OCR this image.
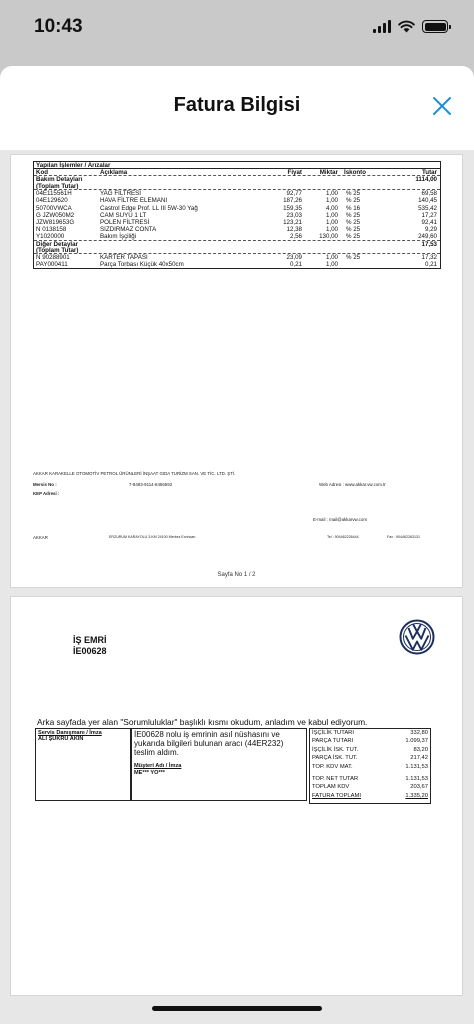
10:43
Fatura Bilgisi
Yapılan İşlemler / Arızalar
Kod	Açıklama	Fiyat	Miktar İskonto	Tutar
Bakım Detayları	1114,00
(Toplam Tutar)
04E115561H	YAĞ FİLTRESİ	92,77	1,00 % 25	69,58
04E129620	HAVA FİLTRE ELEMANI	187,26	1,00 % 25	140,45
50700VWCA	Castrol Edge Prof. LL III 5W-30 Yağ	159,35	4,00 % 16	535,42
G JZW050M2	CAM SUYU 1 LT	23,03	1,00 % 25	17,27
JZW819653G	POLEN FİLTRESİ	123,21	1,00 % 25	92,41
N 0138158	SIZDIRMAZ CONTA	12,38	1,00 % 25	9,29
Y1020000	Bakım İşçiliği	2,56	130,00 % 25	249,60
Diğer Detaylar	17,53
(Toplam Tutar)
N 90288901	KARTER TAPASI	23,09	1,00 % 25	17,32
PAY000411	Parça Torbası Küçük 40x50cm	0,21	1,00	0,21
AKKAR KARAKELLE OTOMOTİV PETROL ÜRÜNLERİ İNŞAAT GIDA TURİZM SAN. VE TİC. LTD. ŞTİ.
Mersis No :	7-8483-9114-8456592	Web Adresi : www.akkar.vw.com.tr
KEP Adresi :
E-mail : mail@akkarvw.com
AKKAR	ERZURUM KARAYOLU 3.KM 24100 Merkez Erzincan	Tel : 904462226444	Fax : 904462263131
Sayfa No 1 / 2
İŞ EMRİ
İE00628
Arka sayfada yer alan "Sorumluluklar" başlıklı kısmı okudum, anladım ve kabul ediyorum.
Servis Danışmanı / İmza
ALİ ŞÜKRÜ AKIN	İE00628 nolu iş emrinin asıl nüshasını ve yukarıda bilgileri bulunan aracı (44ER232) teslim aldım.
Müşteri Adı / İmza
ME*** YO***
İŞÇİLİK TUTARI	332,80
PARÇA TUTARI	1.099,37
İŞÇİLİK İSK. TUT.	83,20
PARÇA İSK. TUT.	217,42
TOP. KDV MAT.	1.131,53
TOP. NET TUTAR	1.131,53
TOPLAM KDV	203,67
FATURA TOPLAMI	1.335,20
